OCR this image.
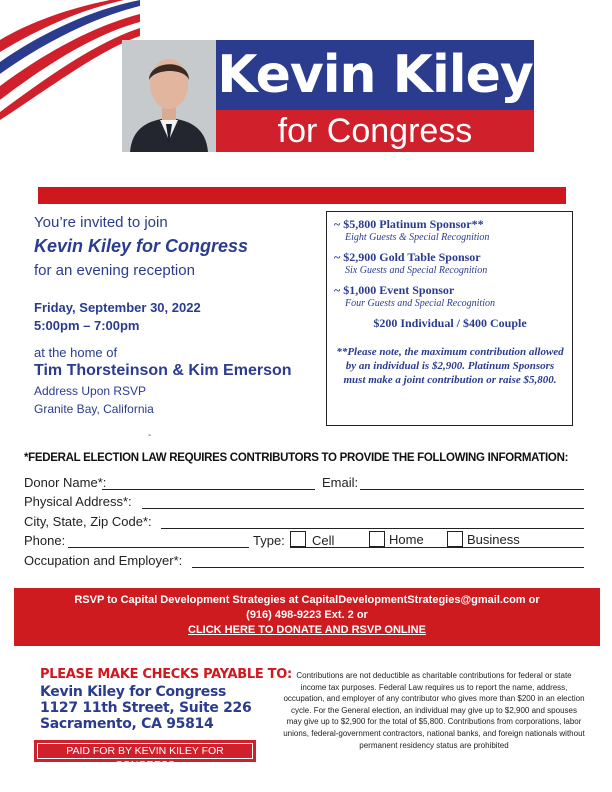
Kevin Kiley
for Congress
You’re invited to join
Kevin Kiley for Congress
for an evening reception
Friday, September 30, 2022
5:00pm – 7:00pm
at the home of
Tim Thorsteinson & Kim Emerson
Address Upon RSVP
Granite Bay, California
-
~ $5,800 Platinum Sponsor**
Eight Guests & Special Recognition
~ $2,900 Gold Table Sponsor
Six Guests and Special Recognition
~ $1,000 Event Sponsor
Four Guests and Special Recognition
$200 Individual / $400 Couple
**Please note, the maximum contribution allowed by an individual is $2,900. Platinum Sponsors must make a joint contribution or raise $5,800.
*FEDERAL ELECTION LAW REQUIRES CONTRIBUTORS TO PROVIDE THE FOLLOWING INFORMATION:
Donor Name*:	Email:
Physical Address*:
City, State, Zip Code*:
Phone:	Type: Cell	Home	Business
Occupation and Employer*:
RSVP to Capital Development Strategies at CapitalDevelopmentStrategies@gmail.com or
(916) 498-9223 Ext. 2 or
CLICK HERE TO DONATE AND RSVP ONLINE
PLEASE MAKE CHECKS PAYABLE TO:
Kevin Kiley for Congress
1127 11th Street, Suite 226
Sacramento, CA 95814
PAID FOR BY KEVIN KILEY FOR CONGRESS
Contributions are not deductible as charitable contributions for federal or state income tax purposes. Federal Law requires us to report the name, address, occupation, and employer of any contributor who gives more than $200 in an election cycle. For the General election, an individual may give up to $2,900 and spouses may give up to $2,900 for the total of $5,800. Contributions from corporations, labor unions, federal-government contractors, national banks, and foreign nationals without permanent residency status are prohibited
